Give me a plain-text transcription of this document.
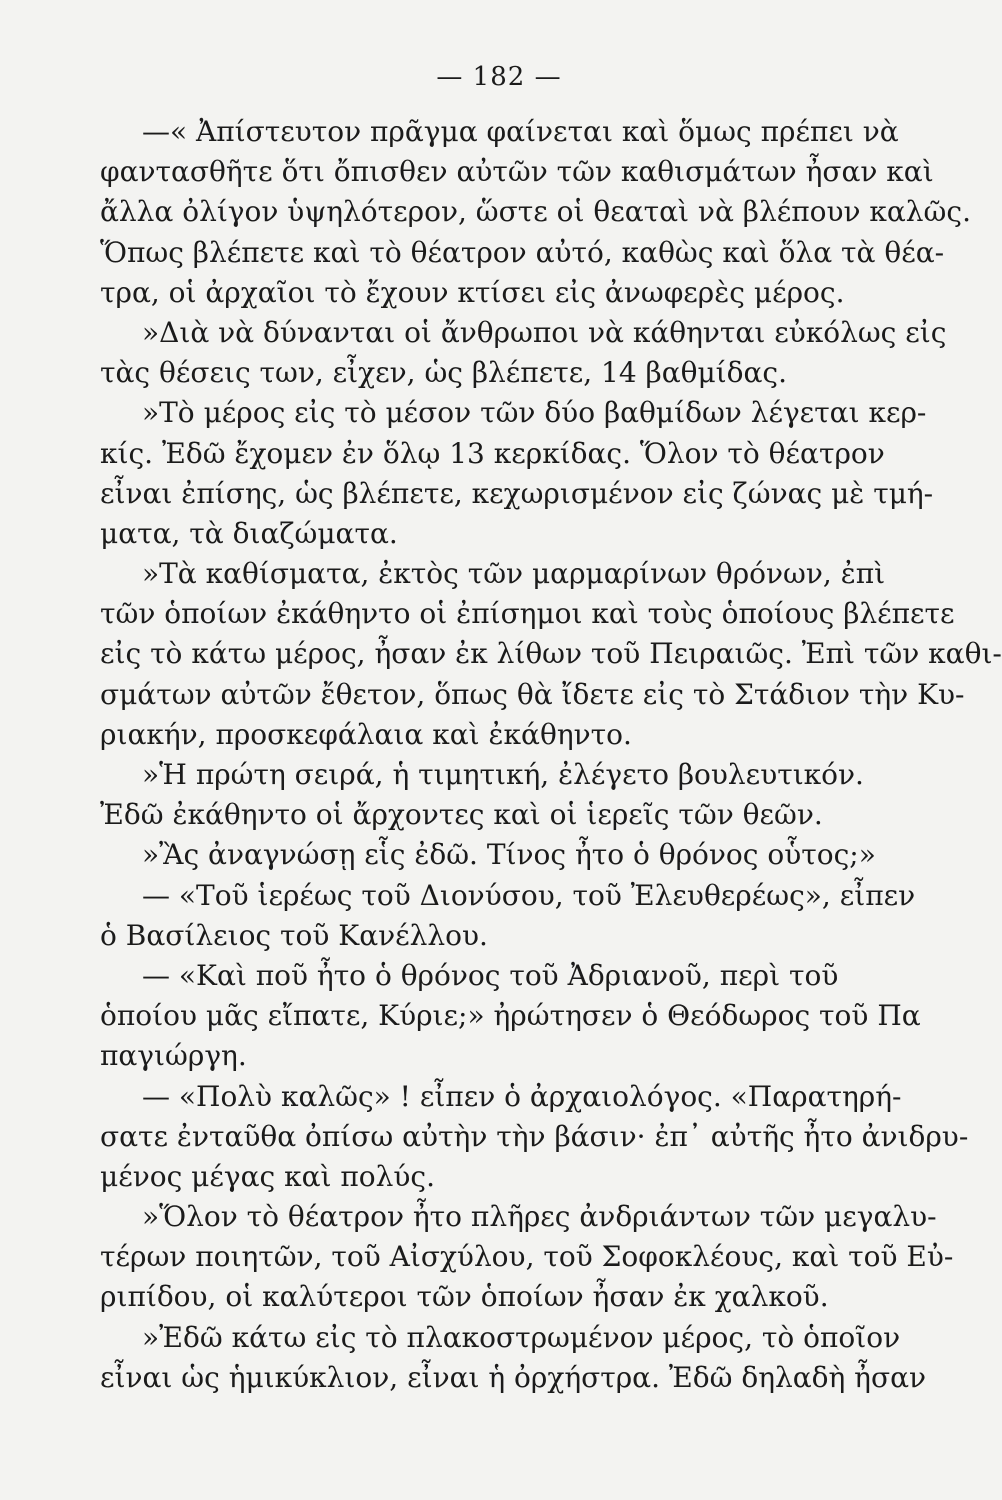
— 182 —
—« Ἀπίστευτον πρᾶγμα φαίνεται καὶ ὅμως πρέπει νὰ
φαντασθῆτε ὅτι ὄπισθεν αὐτῶν τῶν καθισμάτων ἦσαν καὶ
ἄλλα ὀλίγον ὑψηλότερον, ὥστε οἱ θεαταὶ νὰ βλέπουν καλῶς.
Ὅπως βλέπετε καὶ τὸ θέατρον αὐτό, καθὼς καὶ ὅλα τὰ θέα-
τρα, οἱ ἀρχαῖοι τὸ ἔχουν κτίσει εἰς ἀνωφερὲς μέρος.
»Διὰ νὰ δύνανται οἱ ἄνθρωποι νὰ κάθηνται εὐκόλως εἰς
τὰς θέσεις των, εἶχεν, ὡς βλέπετε, 14 βαθμίδας.
»Τὸ μέρος εἰς τὸ μέσον τῶν δύο βαθμίδων λέγεται κερ-
κίς. Ἐδῶ ἔχομεν ἐν ὅλῳ 13 κερκίδας. Ὅλον τὸ θέατρον
εἶναι ἐπίσης, ὡς βλέπετε, κεχωρισμένον εἰς ζώνας μὲ τμή-
ματα, τὰ διαζώματα.
»Τὰ καθίσματα, ἐκτὸς τῶν μαρμαρίνων θρόνων, ἐπὶ
τῶν ὁποίων ἐκάθηντο οἱ ἐπίσημοι καὶ τοὺς ὁποίους βλέπετε
εἰς τὸ κάτω μέρος, ἦσαν ἐκ λίθων τοῦ Πειραιῶς. Ἐπὶ τῶν καθι-
σμάτων αὐτῶν ἔθετον, ὅπως θὰ ἴδετε εἰς τὸ Στάδιον τὴν Κυ-
ριακήν, προσκεφάλαια καὶ ἐκάθηντο.
»Ἡ πρώτη σειρά, ἡ τιμητική, ἐλέγετο βουλευτικόν.
Ἐδῶ ἐκάθηντο οἱ ἄρχοντες καὶ οἱ ἱερεῖς τῶν θεῶν.
»Ἂς ἀναγνώσῃ εἷς ἐδῶ. Τίνος ἦτο ὁ θρόνος οὗτος;»
— «Τοῦ ἱερέως τοῦ Διονύσου, τοῦ Ἐλευθερέως», εἶπεν
ὁ Βασίλειος τοῦ Κανέλλου.
— «Καὶ ποῦ ἦτο ὁ θρόνος τοῦ Ἀδριανοῦ, περὶ τοῦ
ὁποίου μᾶς εἴπατε, Κύριε;» ἠρώτησεν ὁ Θεόδωρος τοῦ Πα
παγιώργη.
— «Πολὺ καλῶς» ! εἶπεν ὁ ἀρχαιολόγος. «Παρατηρή-
σατε ἐνταῦθα ὀπίσω αὐτὴν τὴν βάσιν· ἐπ᾿ αὐτῆς ἦτο ἀνιδρυ-
μένος μέγας καὶ πολύς.
»Ὅλον τὸ θέατρον ἦτο πλῆρες ἀνδριάντων τῶν μεγαλυ-
τέρων ποιητῶν, τοῦ Αἰσχύλου, τοῦ Σοφοκλέους, καὶ τοῦ Εὐ-
ριπίδου, οἱ καλύτεροι τῶν ὁποίων ἦσαν ἐκ χαλκοῦ.
»Ἐδῶ κάτω εἰς τὸ πλακοστρωμένον μέρος, τὸ ὁποῖον
εἶναι ὡς ἡμικύκλιον, εἶναι ἡ ὀρχήστρα. Ἐδῶ δηλαδὴ ἦσαν
